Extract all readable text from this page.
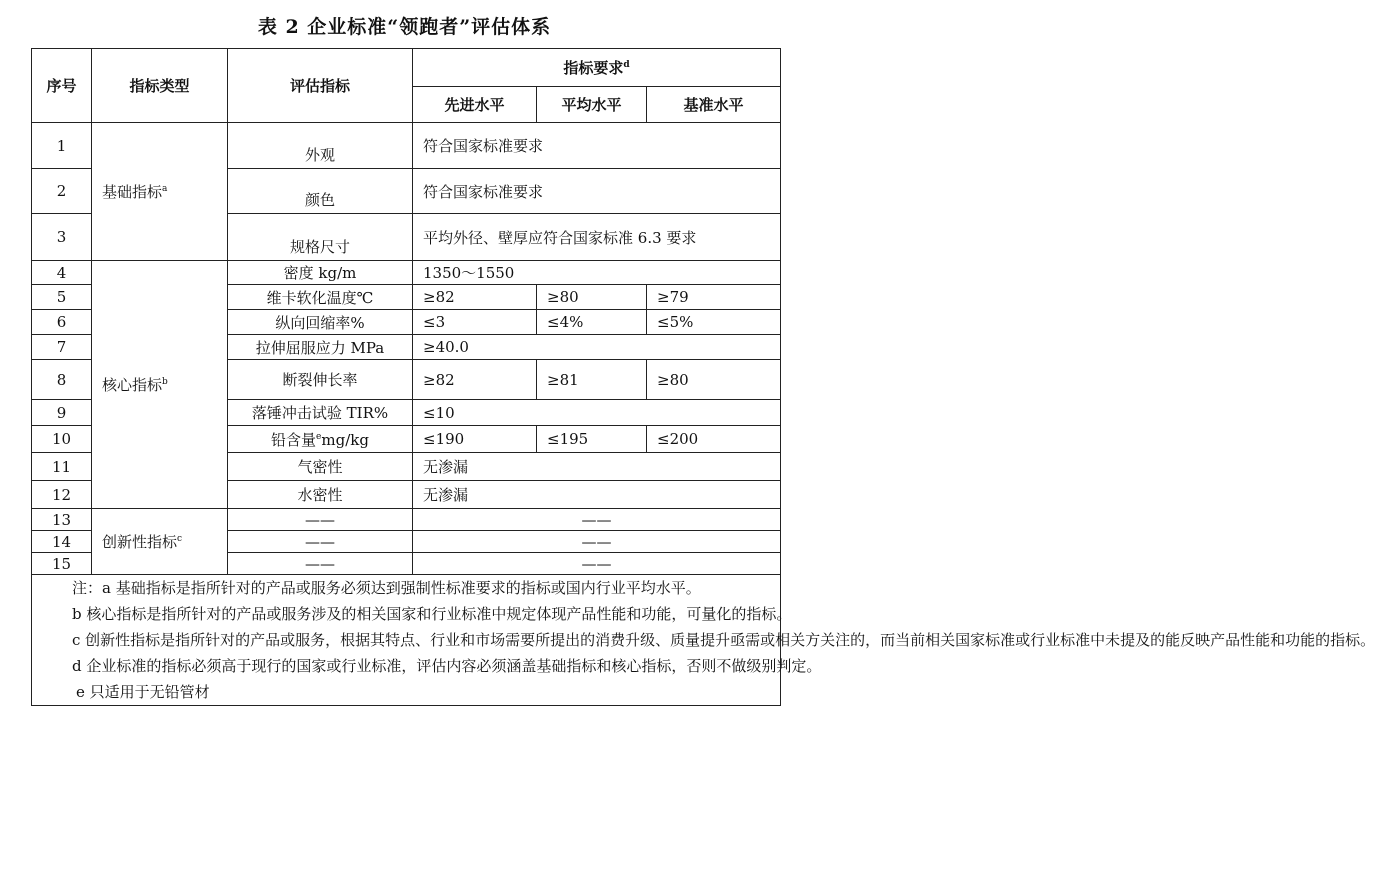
表 2 企业标准“领跑者”评估体系
序号	指标类型	评估指标	指标要求$^d$
			先进水平	平均水平	基准水平
1	基础指标$^a$	外观	符合国家标准要求		
2		颜色	符合国家标准要求		
3		规格尺寸	平均外径、壁厚应符合国家标准 6.3 要求		
4	核心指标$^b$	密度 kg/m	1350～1550		
5		维卡软化温度℃	≥82	≥80	≥79
6		纵向回缩率%	≤3	≤4%	≤5%
7		拉伸屈服应力 MPa	≥40.0		
8		断裂伸长率	≥82	≥81	≥80
9		落锤冲击试验 TIR%	≤10		
10		铅含量$^e$mg/kg	≤190	≤195	≤200
11		气密性	无渗漏		
12		水密性	无渗漏		
13	创新性指标$^c$	——	——		
14		——	——		
15		——	——		

注：a 基础指标是指所针对的产品或服务必须达到强制性标准要求的指标或国内行业平均水平。

b 核心指标是指所针对的产品或服务涉及的相关国家和行业标准中规定体现产品性能和功能，可量化的指标。

c 创新性指标是指所针对的产品或服务，根据其特点、行业和市场需要所提出的消费升级、质量提升亟需或相关方关注的，而当前相关国家标准或行业标准中未提及的能反映产品性能和功能的指标。

d 企业标准的指标必须高于现行的国家或行业标准，评估内容必须涵盖基础指标和核心指标，否则不做级别判定。

e 只适用于无铅管材					
